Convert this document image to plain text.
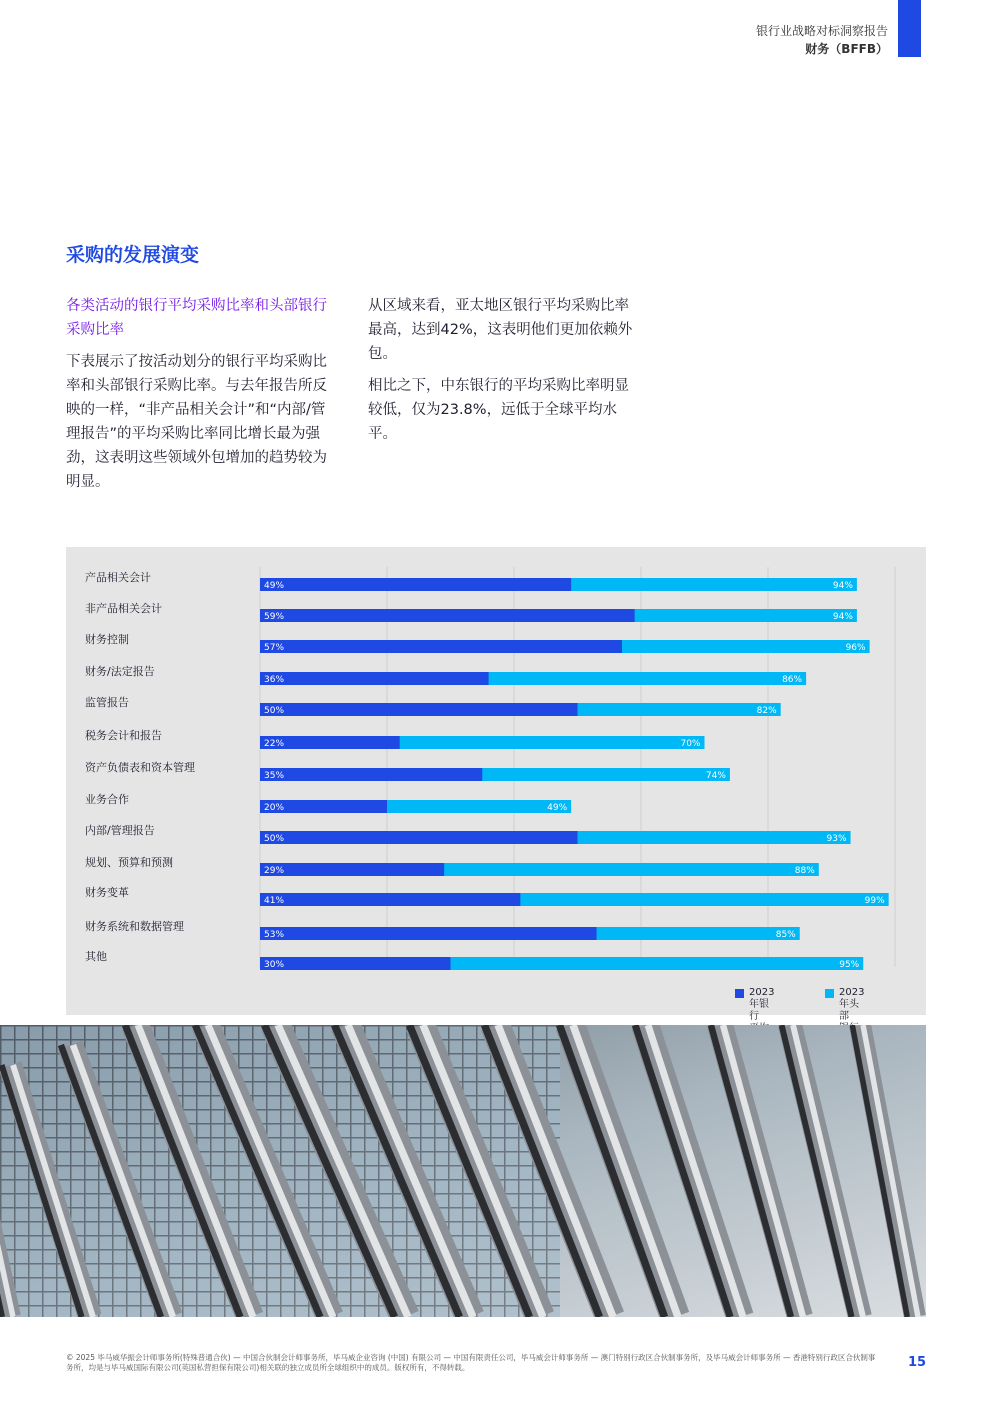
银行业战略对标洞察报告
财务（BFFB）
采购的发展演变

各类活动的银行平均采购比率和头部银行采购比率

下表展示了按活动划分的银行平均采购比率和头部银行采购比率。与去年报告所反映的一样，“非产品相关会计”和“内部/管理报告”的平均采购比率同比增长最为强劲，这表明这些领域外包增加的趋势较为明显。

从区域来看，亚太地区银行平均采购比率最高，达到42%，这表明他们更加依赖外包。

相比之下，中东银行的平均采购比率明显较低，仅为23.8%，远低于全球平均水平。

产品相关会计
49%	94%
非产品相关会计
59%	94%
财务控制
57%	96%
财务/法定报告
36%	86%
监管报告
50%	82%
税务会计和报告
22%	70%
资产负债表和资本管理
35%	74%
业务合作
20%	49%
内部/管理报告
50%	93%
规划、预算和预测
29%	88%
财务变革
41%	99%
财务系统和数据管理
53%	85%
其他
30%	95%
2023年银行

2023年头部

© 2025 毕马威华振会计师事务所(特殊普通合伙) — 中国合伙制会计师事务所，毕马威企业咨询 (中国) 有限公司 — 中国有限责任公司，毕马威会计师事务所 — 澳门特别行政区合伙制事务所，及毕马威会计师事务所 — 香港特别行政区合伙制事务所，均是与毕马威国际有限公司(英国私营担保有限公司)相关联的独立成员所全球组织中的成员。版权所有，不得转载。	15
